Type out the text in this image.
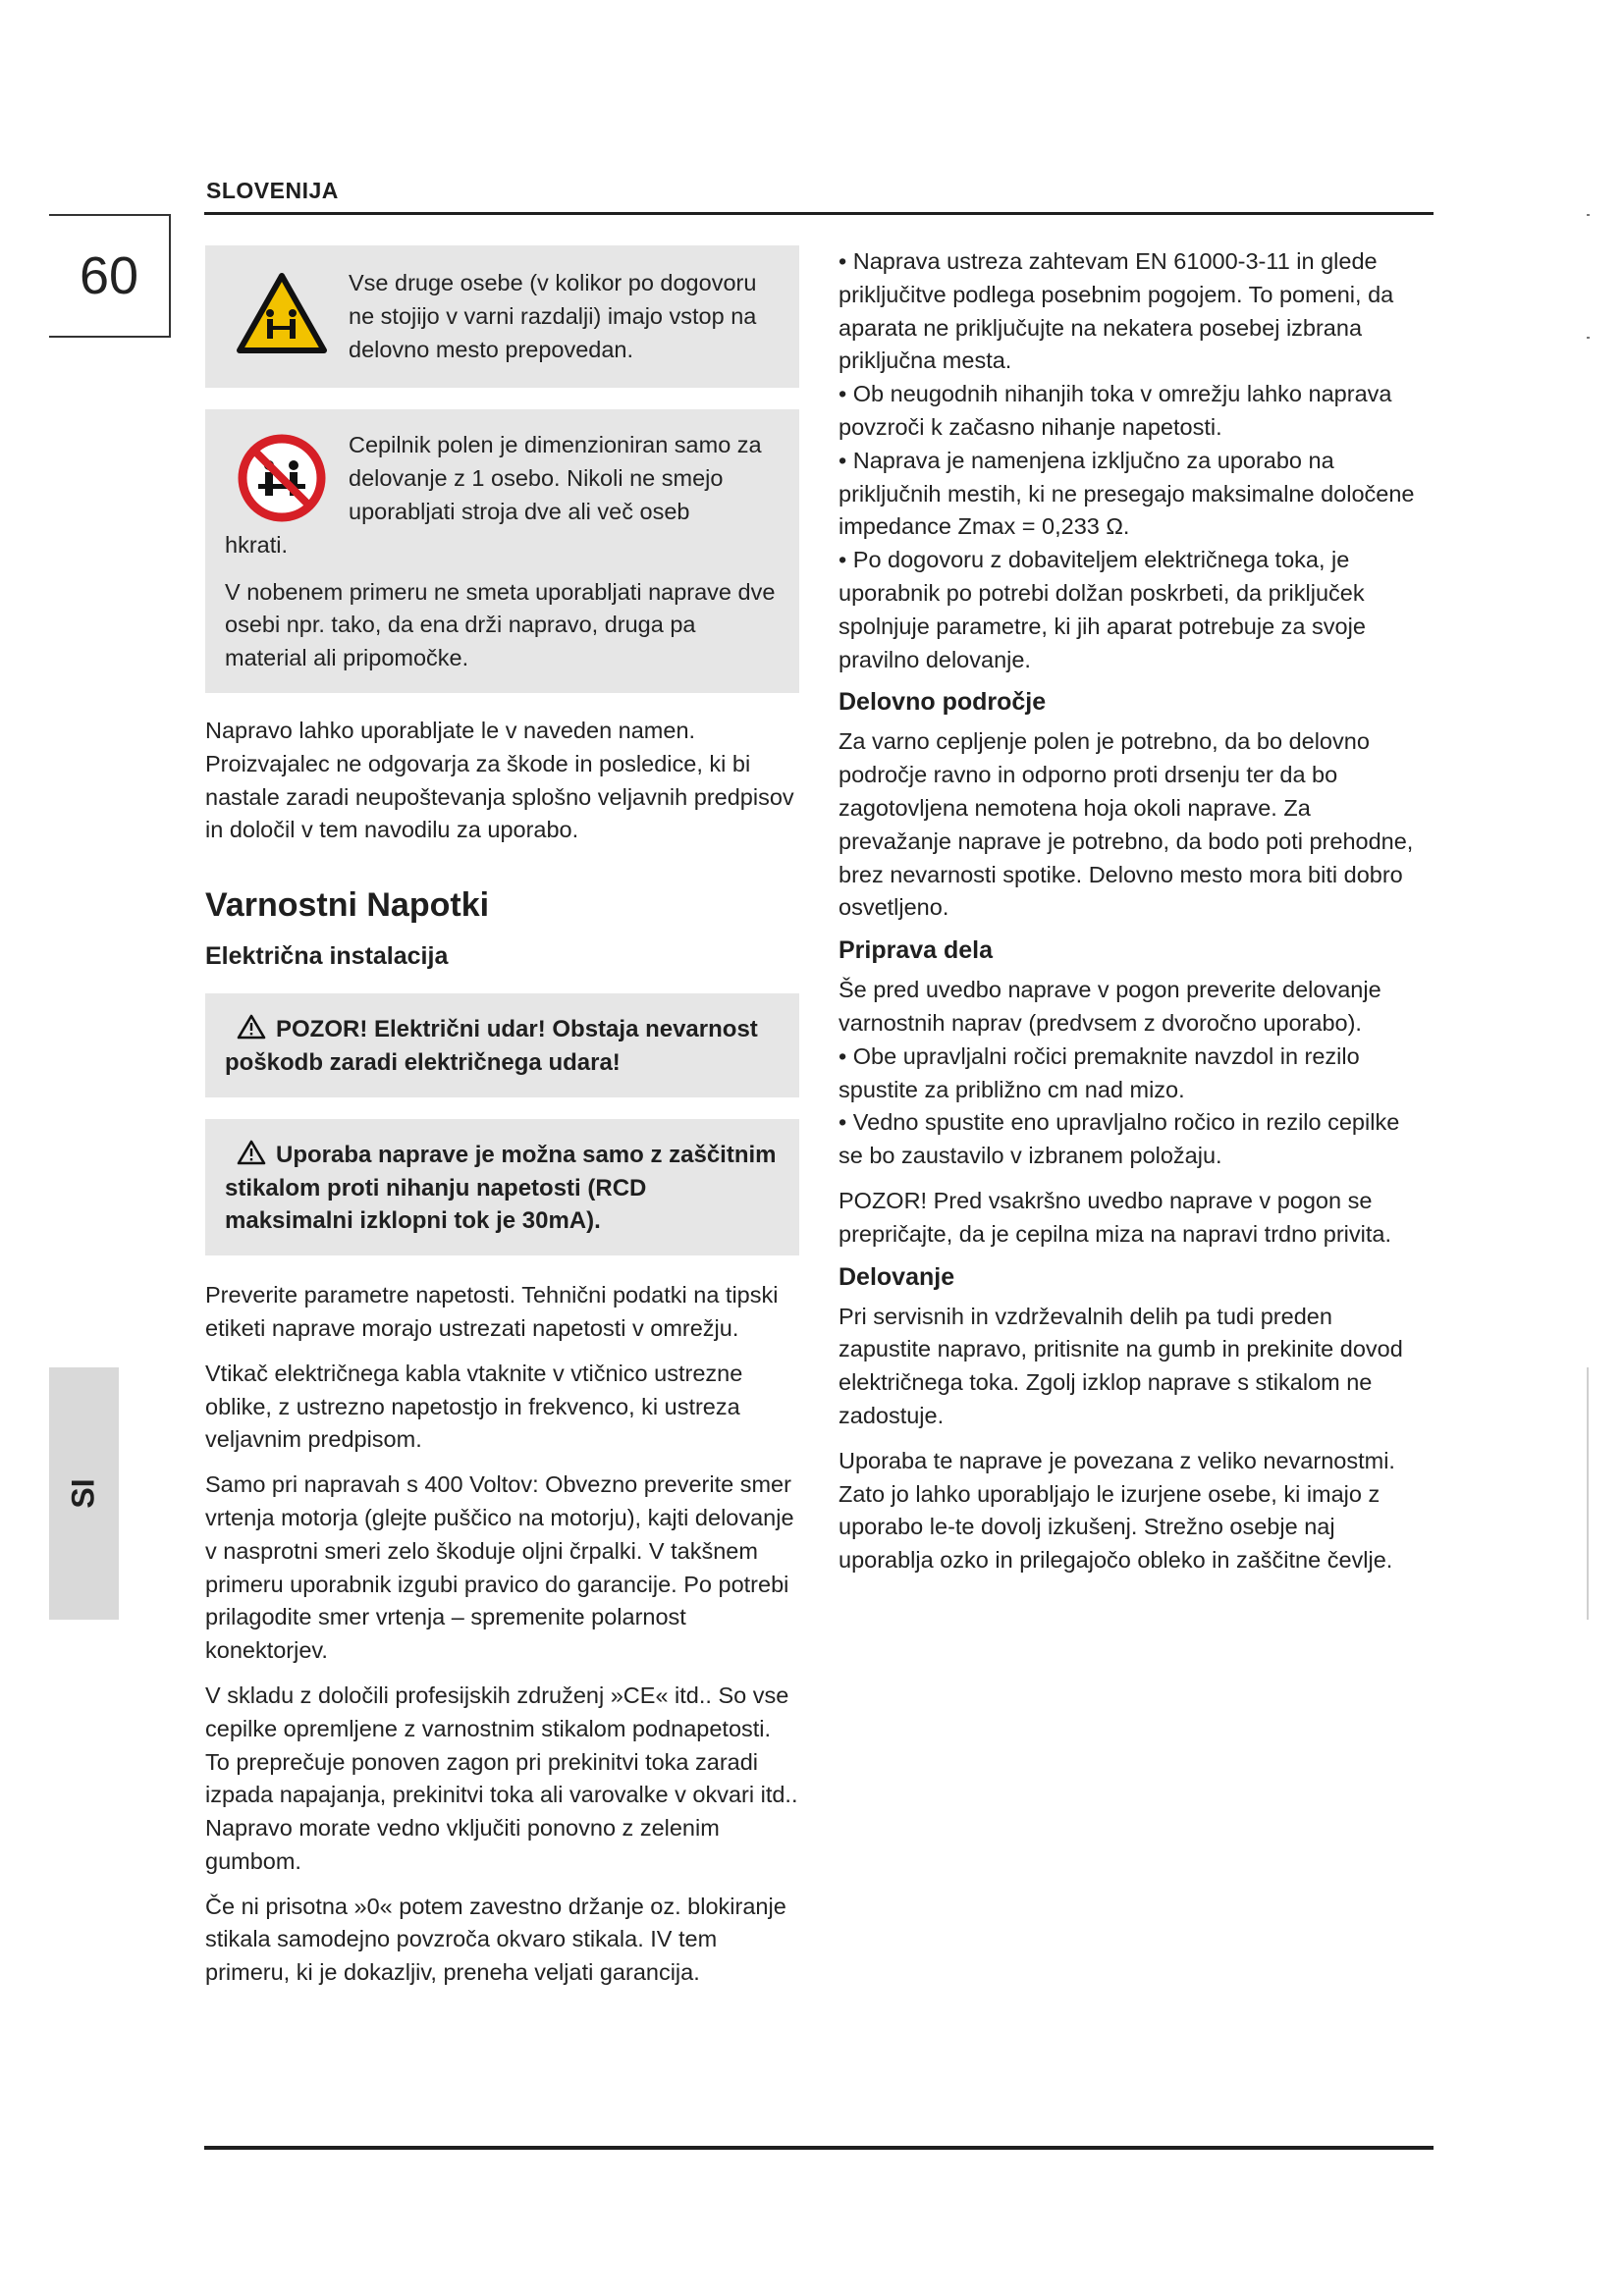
SLOVENIJA
60
SI
Vse druge osebe (v kolikor po dogovoru ne stojijo v varni razdalji) imajo vstop na delovno mesto prepovedan.
Cepilnik polen je dimenzioniran samo za delovanje z 1 osebo. Nikoli ne smejo uporabljati stroja dve ali več oseb

hkrati.

V nobenem primeru ne smeta uporabljati naprave dve osebi npr. tako, da ena drži napravo, druga pa material ali pripomočke.

Napravo lahko uporabljate le v naveden namen. Proizvajalec ne odgovarja za škode in posledice, ki bi nastale zaradi neupoštevanja splošno veljavnih predpisov in določil v tem navodilu za uporabo.

Varnostni Napotki
Električna instalacija
POZOR! Električni udar! Obstaja nevarnost poškodb zaradi električnega udara!
Uporaba naprave je možna samo z zaščitnim stikalom proti nihanju napetosti (RCD maksimalni izklopni tok je 30mA).

Preverite parametre napetosti. Tehnični podatki na tipski etiketi naprave morajo ustrezati napetosti v omrežju.

Vtikač električnega kabla vtaknite v vtičnico ustrezne oblike, z ustrezno napetostjo in frekvenco, ki ustreza veljavnim predpisom.

Samo pri napravah s 400 Voltov: Obvezno preverite smer vrtenja motorja (glejte puščico na motorju), kajti delovanje v nasprotni smeri zelo škoduje oljni črpalki. V takšnem primeru uporabnik izgubi pravico do garancije. Po potrebi prilagodite smer vrtenja – spremenite polarnost konektorjev.

V skladu z določili profesijskih združenj »CE« itd.. So vse cepilke opremljene z varnostnim stikalom podnapetosti. To preprečuje ponoven zagon pri prekinitvi toka zaradi izpada napajanja, prekinitvi toka ali varovalke v okvari itd.. Napravo morate vedno vključiti ponovno z zelenim gumbom.

Če ni prisotna »0« potem zavestno držanje oz. blokiranje stikala samodejno povzroča okvaro stikala. IV tem primeru, ki je dokazljiv, preneha veljati garancija.

• Naprava ustreza zahtevam EN 61000-3-11 in glede priključitve podlega posebnim pogojem. To pomeni, da aparata ne priključujte na nekatera posebej izbrana priključna mesta.

• Ob neugodnih nihanjih toka v omrežju lahko naprava povzroči k začasno nihanje napetosti.

• Naprava je namenjena izključno za uporabo na priključnih mestih, ki ne presegajo maksimalne določene impedance Zmax = 0,233 Ω.

• Po dogovoru z dobaviteljem električnega toka, je uporabnik po potrebi dolžan poskrbeti, da priključek spolnjuje parametre, ki jih aparat potrebuje za svoje pravilno delovanje.

Delovno področje

Za varno cepljenje polen je potrebno, da bo delovno področje ravno in odporno proti drsenju ter da bo zagotovljena nemotena hoja okoli naprave. Za prevažanje naprave je potrebno, da bodo poti prehodne, brez nevarnosti spotike. Delovno mesto mora biti dobro osvetljeno.

Priprava dela

Še pred uvedbo naprave v pogon preverite delovanje varnostnih naprav (predvsem z dvoročno uporabo).

• Obe upravljalni ročici premaknite navzdol in rezilo spustite za približno cm nad mizo.

• Vedno spustite eno upravljalno ročico in rezilo cepilke se bo zaustavilo v izbranem položaju.

POZOR! Pred vsakršno uvedbo naprave v pogon se prepričajte, da je cepilna miza na napravi trdno privita.

Delovanje

Pri servisnih in vzdrževalnih delih pa tudi preden zapustite napravo, pritisnite na gumb in prekinite dovod električnega toka. Zgolj izklop naprave s stikalom ne zadostuje.

Uporaba te naprave je povezana z veliko nevarnostmi. Zato jo lahko uporabljajo le izurjene osebe, ki imajo z uporabo le-te dovolj izkušenj. Strežno osebje naj uporablja ozko in prilegajočo obleko in zaščitne čevlje.
